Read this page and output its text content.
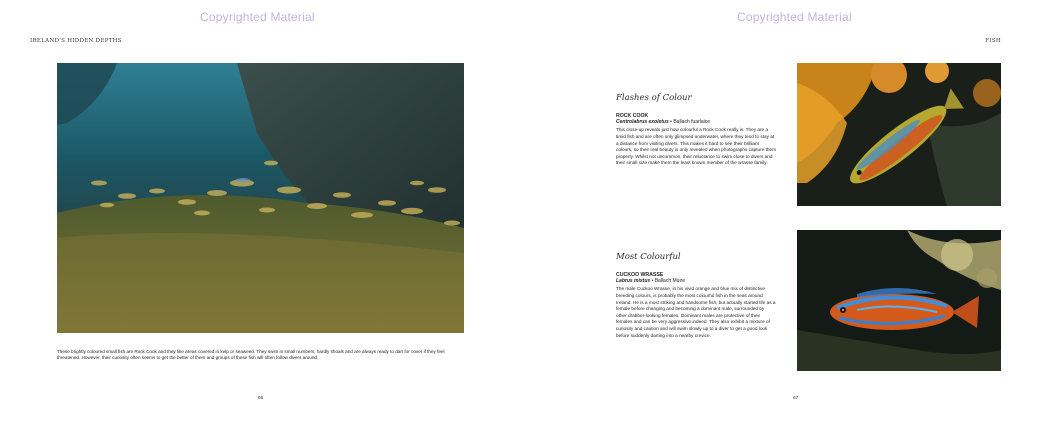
Copyrighted Material
IRELAND'S HIDDEN DEPTHS
These brightly coloured small fish are Rock Cook and they like areas covered in kelp or seaweed. They swim in small numbers, hardly shoals and are always ready to dart for cover if they feel threatened. However, their curiosity often seems to get the better of them and groups of these fish will often follow divers around.
66
Copyrighted Material
FISH
Flashes of Colour
ROCK COOK
Centrolabrus exoletus • Ballach fuarlaice
This close-up reveals just how colourful a Rock Cook really is. They are a timid fish and are often only glimpsed underwater, where they tend to stay at a distance from visiting divers. This makes it hard to see their brilliant colours, so their real beauty is only revealed when photographs capture them properly. Whilst not uncommon, their reluctance to swim close to divers and their small size make them the least known member of the wrasse family.
Most Colourful
CUCKOO WRASSE
Labrus mixtus • Ballach Muire
The male Cuckoo Wrasse, in his vivid orange and blue mix of distinctive breeding colours, is probably the most colourful fish in the seas around Ireland. He is a most striking and handsome fish, but actually started life as a female before changing and becoming a dominant male, surrounded by other drabber-looking females. Dominant males are protective of their females and can be very aggressive indeed. They also exhibit a mixture of curiosity and caution and will swim slowly up to a diver to get a good look before suddenly darting into a nearby crevice.
67
